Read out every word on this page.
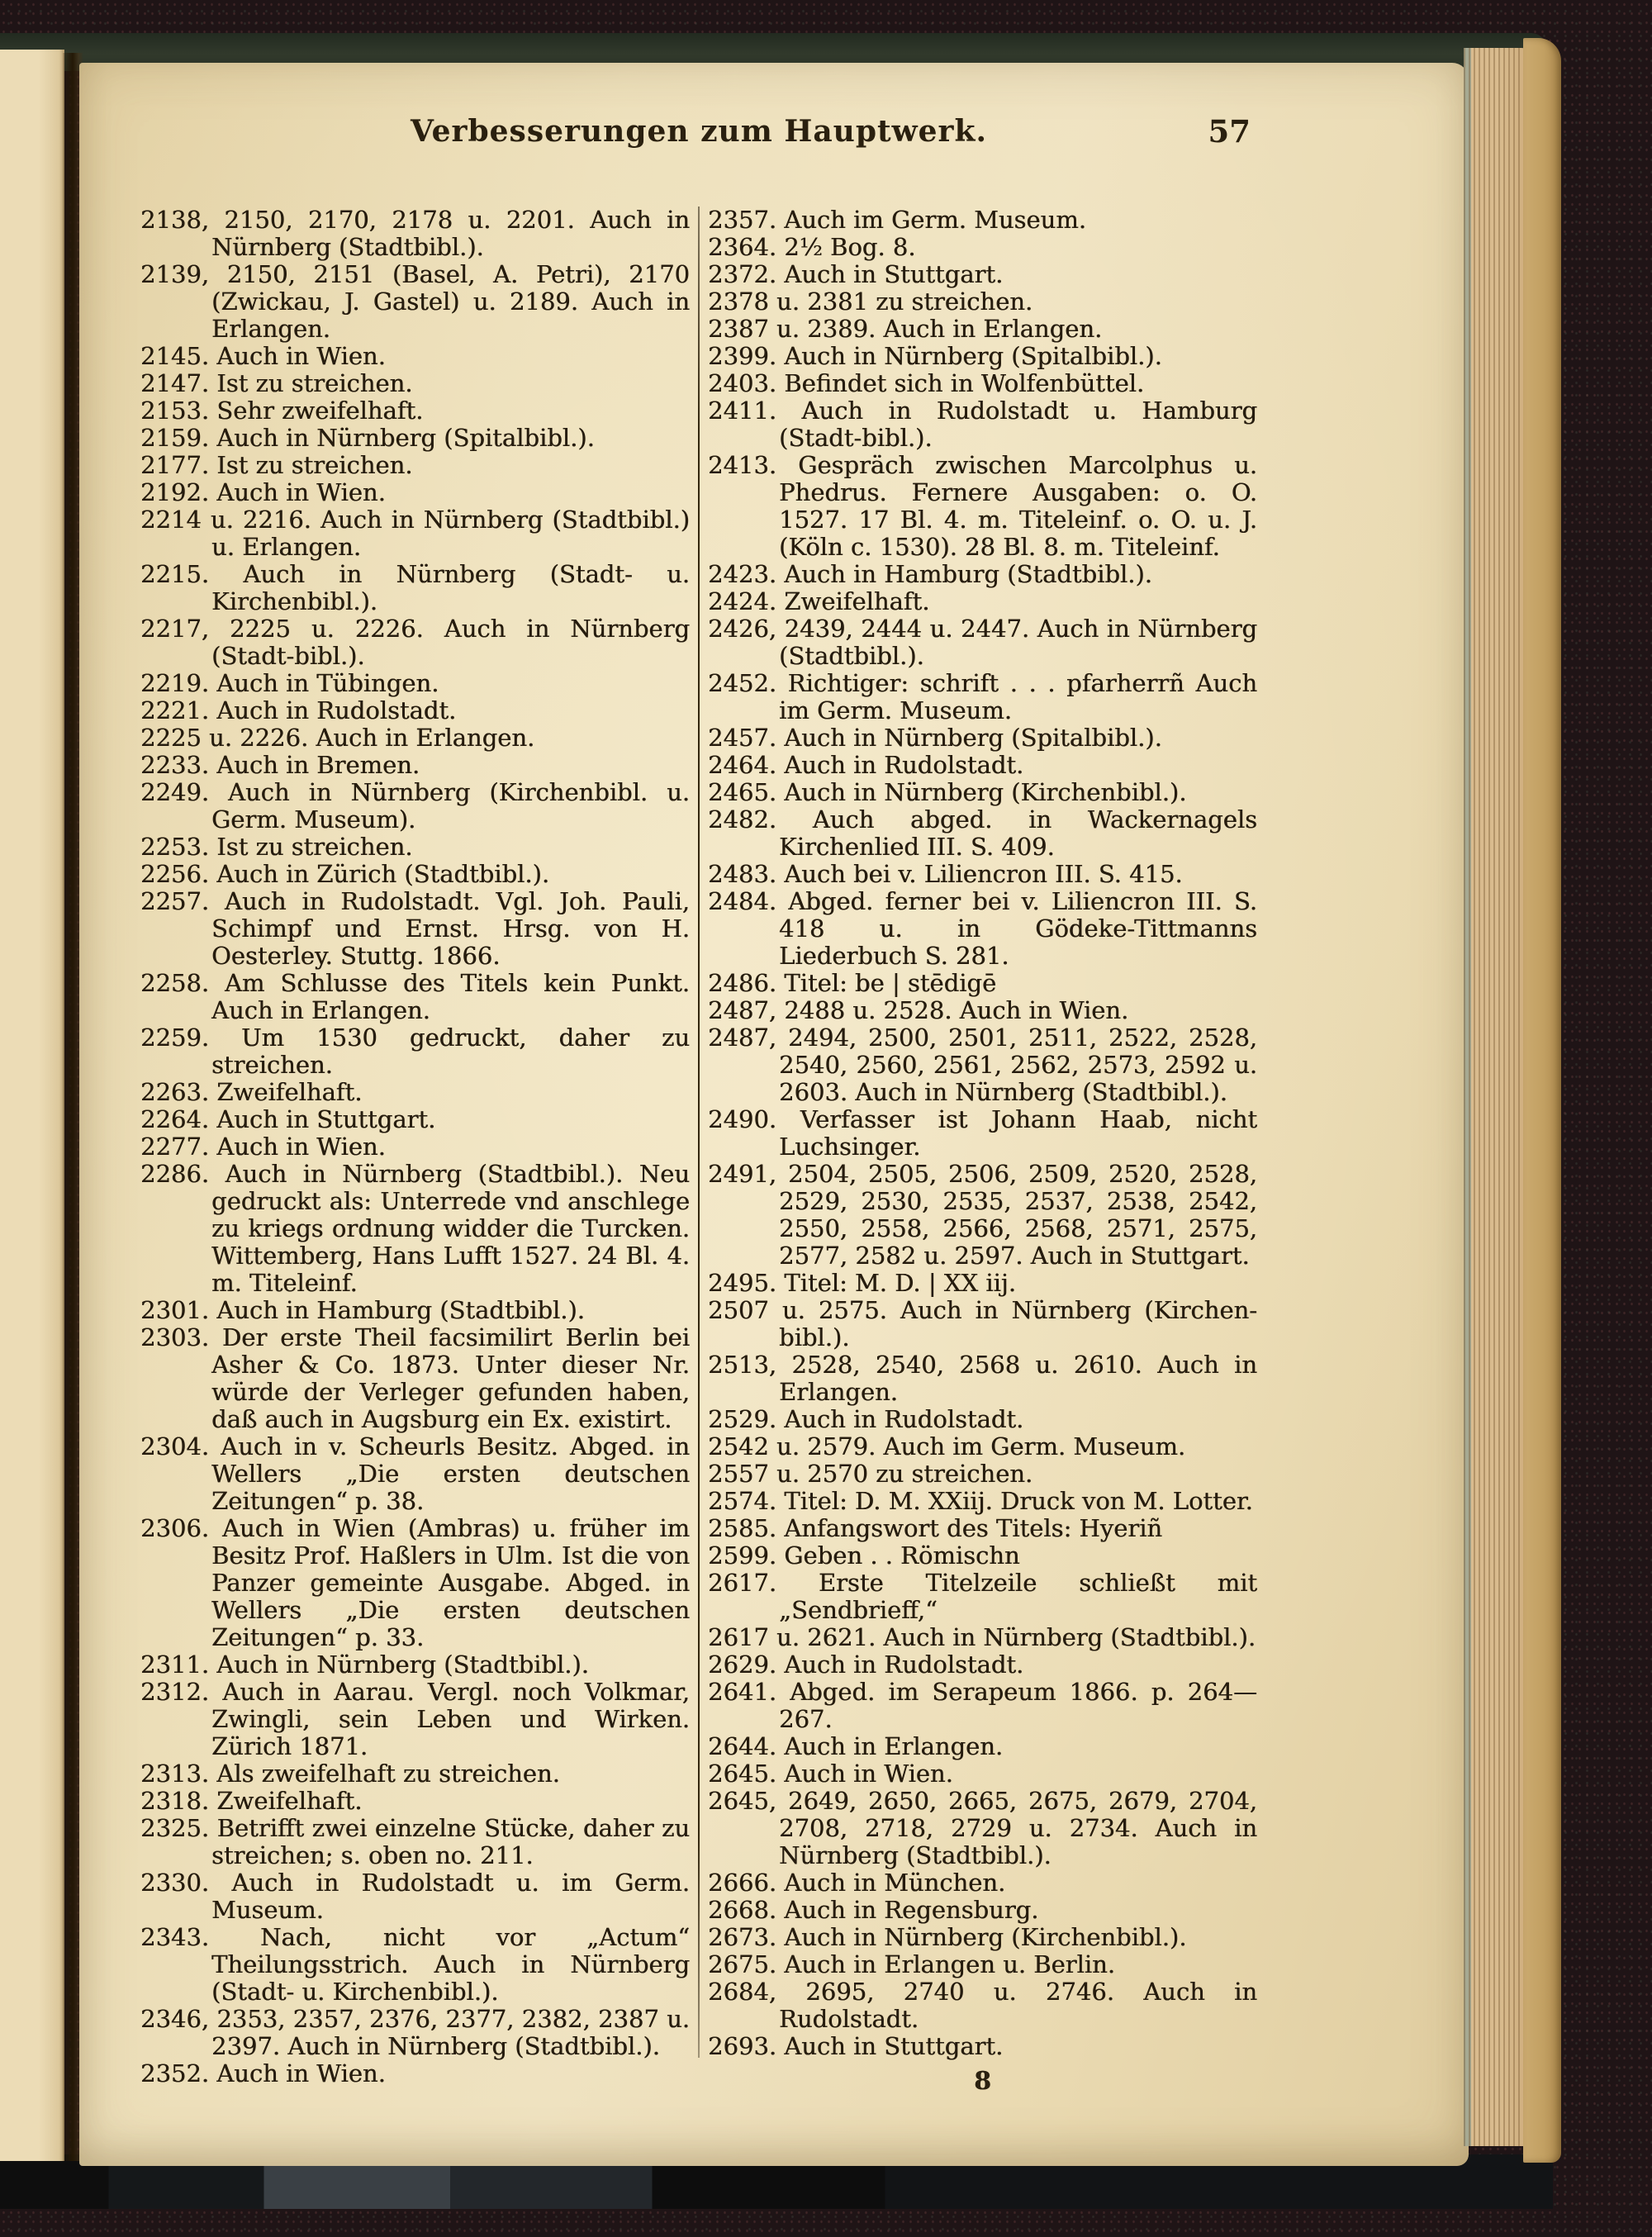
Verbesserungen zum Hauptwerk.	57
2138, 2150, 2170, 2178 u. 2201. Auch in Nürnberg (Stadtbibl.).
2139, 2150, 2151 (Basel, A. Petri), 2170 (Zwickau, J. Gastel) u. 2189. Auch in Erlangen.
2145. Auch in Wien.
2147. Ist zu streichen.
2153. Sehr zweifelhaft.
2159. Auch in Nürnberg (Spitalbibl.).
2177. Ist zu streichen.
2192. Auch in Wien.
2214 u. 2216. Auch in Nürnberg (Stadtbibl.) u. Erlangen.
2215. Auch in Nürnberg (Stadt- u. Kirchenbibl.).
2217, 2225 u. 2226. Auch in Nürnberg (Stadt-bibl.).
2219. Auch in Tübingen.
2221. Auch in Rudolstadt.
2225 u. 2226. Auch in Erlangen.
2233. Auch in Bremen.
2249. Auch in Nürnberg (Kirchenbibl. u. Germ. Museum).
2253. Ist zu streichen.
2256. Auch in Zürich (Stadtbibl.).
2257. Auch in Rudolstadt. Vgl. Joh. Pauli, Schimpf und Ernst. Hrsg. von H. Oesterley. Stuttg. 1866.
2258. Am Schlusse des Titels kein Punkt. Auch in Erlangen.
2259. Um 1530 gedruckt, daher zu streichen.
2263. Zweifelhaft.
2264. Auch in Stuttgart.
2277. Auch in Wien.
2286. Auch in Nürnberg (Stadtbibl.). Neu gedruckt als: Unterrede vnd anschlege zu kriegs ordnung widder die Turcken. Wittemberg, Hans Lufft 1527. 24 Bl. 4. m. Titeleinf.
2301. Auch in Hamburg (Stadtbibl.).
2303. Der erste Theil facsimilirt Berlin bei Asher & Co. 1873. Unter dieser Nr. würde der Verleger gefunden haben, daß auch in Augsburg ein Ex. existirt.
2304. Auch in v. Scheurls Besitz. Abged. in Wellers „Die ersten deutschen Zeitungen“ p. 38.
2306. Auch in Wien (Ambras) u. früher im Besitz Prof. Haßlers in Ulm. Ist die von Panzer gemeinte Ausgabe. Abged. in Wellers „Die ersten deutschen Zeitungen“ p. 33.
2311. Auch in Nürnberg (Stadtbibl.).
2312. Auch in Aarau. Vergl. noch Volkmar, Zwingli, sein Leben und Wirken. Zürich 1871.
2313. Als zweifelhaft zu streichen.
2318. Zweifelhaft.
2325. Betrifft zwei einzelne Stücke, daher zu streichen; s. oben no. 211.
2330. Auch in Rudolstadt u. im Germ. Museum.
2343. Nach, nicht vor „Actum“ Theilungsstrich. Auch in Nürnberg (Stadt- u. Kirchenbibl.).
2346, 2353, 2357, 2376, 2377, 2382, 2387 u. 2397. Auch in Nürnberg (Stadtbibl.).
2352. Auch in Wien.
2357. Auch im Germ. Museum.
2364. 2½ Bog. 8.
2372. Auch in Stuttgart.
2378 u. 2381 zu streichen.
2387 u. 2389. Auch in Erlangen.
2399. Auch in Nürnberg (Spitalbibl.).
2403. Befindet sich in Wolfenbüttel.
2411. Auch in Rudolstadt u. Hamburg (Stadt-bibl.).
2413. Gespräch zwischen Marcolphus u. Phedrus. Fernere Ausgaben: o. O. 1527. 17 Bl. 4. m. Titeleinf. o. O. u. J. (Köln c. 1530). 28 Bl. 8. m. Titeleinf.
2423. Auch in Hamburg (Stadtbibl.).
2424. Zweifelhaft.
2426, 2439, 2444 u. 2447. Auch in Nürnberg (Stadtbibl.).
2452. Richtiger: schrift . . . pfarherrñ Auch im Germ. Museum.
2457. Auch in Nürnberg (Spitalbibl.).
2464. Auch in Rudolstadt.
2465. Auch in Nürnberg (Kirchenbibl.).
2482. Auch abged. in Wackernagels Kirchenlied III. S. 409.
2483. Auch bei v. Liliencron III. S. 415.
2484. Abged. ferner bei v. Liliencron III. S. 418 u. in Gödeke-Tittmanns Liederbuch S. 281.
2486. Titel: be | stēdigē
2487, 2488 u. 2528. Auch in Wien.
2487, 2494, 2500, 2501, 2511, 2522, 2528, 2540, 2560, 2561, 2562, 2573, 2592 u. 2603. Auch in Nürnberg (Stadtbibl.).
2490. Verfasser ist Johann Haab, nicht Luchsinger.
2491, 2504, 2505, 2506, 2509, 2520, 2528, 2529, 2530, 2535, 2537, 2538, 2542, 2550, 2558, 2566, 2568, 2571, 2575, 2577, 2582 u. 2597. Auch in Stuttgart.
2495. Titel: M. D. | XX iij.
2507 u. 2575. Auch in Nürnberg (Kirchen-bibl.).
2513, 2528, 2540, 2568 u. 2610. Auch in Erlangen.
2529. Auch in Rudolstadt.
2542 u. 2579. Auch im Germ. Museum.
2557 u. 2570 zu streichen.
2574. Titel: D. M. XXiij. Druck von M. Lotter.
2585. Anfangswort des Titels: Hyeriñ
2599. Geben . . Römischn
2617. Erste Titelzeile schließt mit „Sendbrieff,“
2617 u. 2621. Auch in Nürnberg (Stadtbibl.).
2629. Auch in Rudolstadt.
2641. Abged. im Serapeum 1866. p. 264—267.
2644. Auch in Erlangen.
2645. Auch in Wien.
2645, 2649, 2650, 2665, 2675, 2679, 2704, 2708, 2718, 2729 u. 2734. Auch in Nürnberg (Stadtbibl.).
2666. Auch in München.
2668. Auch in Regensburg.
2673. Auch in Nürnberg (Kirchenbibl.).
2675. Auch in Erlangen u. Berlin.
2684, 2695, 2740 u. 2746. Auch in Rudolstadt.
2693. Auch in Stuttgart.
8
